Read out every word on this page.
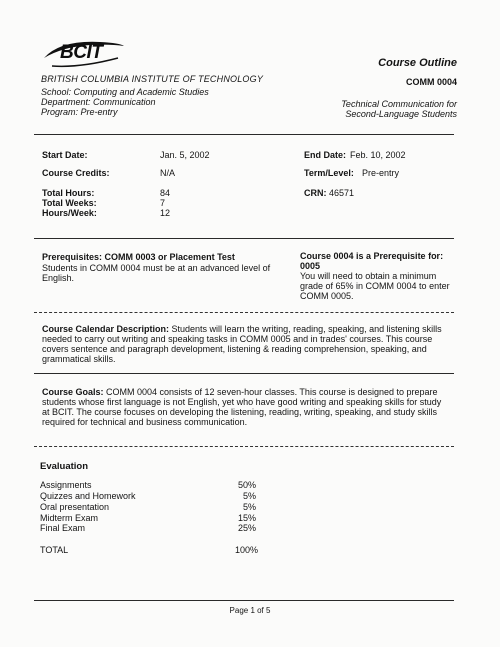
BCIT
BRITISH COLUMBIA INSTITUTE OF TECHNOLOGY
School: Computing and Academic Studies
Department: Communication
Program: Pre-entry
Course Outline
COMM 0004
Technical Communication for
Second-Language Students
Start Date:	Jan. 5, 2002	End Date: Feb. 10, 2002
Course Credits:	N/A	Term/Level: Pre-entry
Total Hours:	84
Total Weeks:	7
Hours/Week:	12
CRN: 46571
Prerequisites: COMM 0003 or Placement Test
Students in COMM 0004 must be at an advanced level of
English.
Course 0004 is a Prerequisite for:
0005
You will need to obtain a minimum
grade of 65% in COMM 0004 to enter
COMM 0005.
Course Calendar Description: Students will learn the writing, reading, speaking, and listening skills
needed to carry out writing and speaking tasks in COMM 0005 and in trades' courses. This course
covers sentence and paragraph development, listening & reading comprehension, speaking, and
grammatical skills.
Course Goals: COMM 0004 consists of 12 seven-hour classes. This course is designed to prepare
students whose first language is not English, yet who have good writing and speaking skills for study
at BCIT. The course focuses on developing the listening, reading, writing, speaking, and study skills
required for technical and business communication.
Evaluation
Assignments	50%
Quizzes and Homework	5%
Oral presentation	5%
Midterm Exam	15%
Final Exam	25%
TOTAL	100%
Page 1 of 5
